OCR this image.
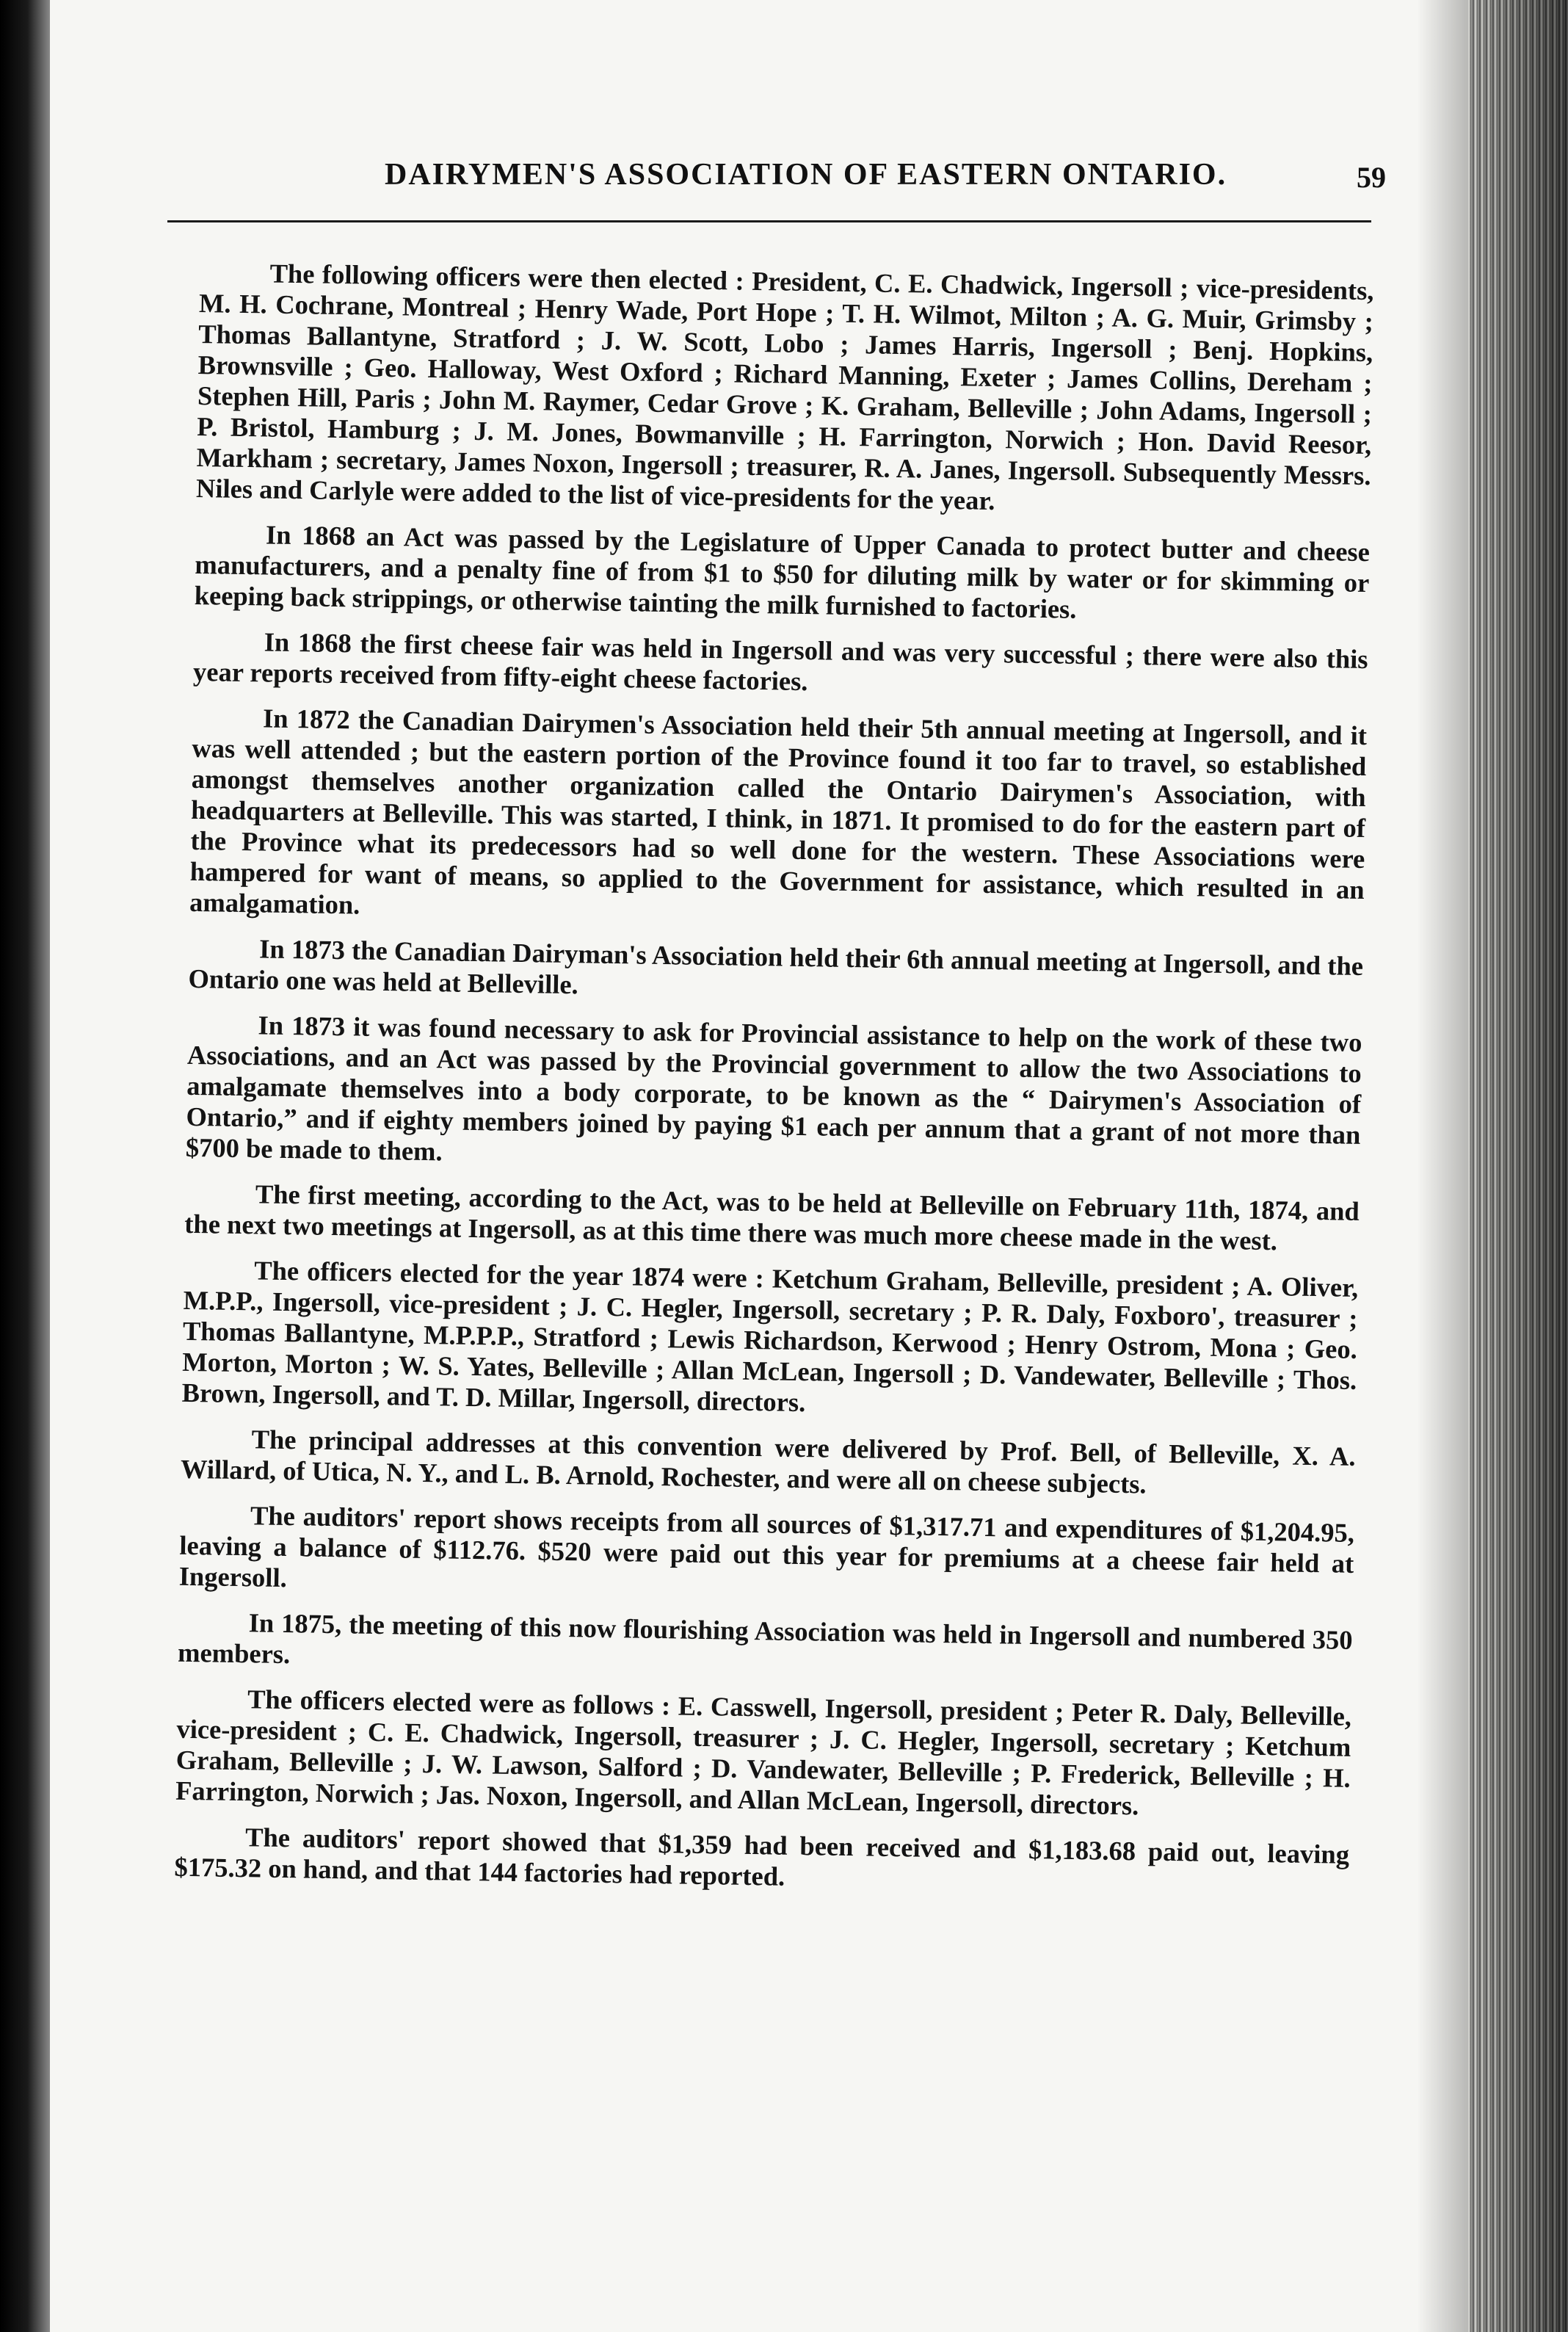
DAIRYMEN'S ASSOCIATION OF EASTERN ONTARIO.	59

The following officers were then elected : President, C. E. Chadwick, Ingersoll ; vice-presidents, M. H. Cochrane, Montreal ; Henry Wade, Port Hope ; T. H. Wilmot, Milton ; A. G. Muir, Grimsby ; Thomas Ballantyne, Stratford ; J. W. Scott, Lobo ; James Harris, Ingersoll ; Benj. Hopkins, Brownsville ; Geo. Halloway, West Oxford ; Richard Manning, Exeter ; James Collins, Dereham ; Stephen Hill, Paris ; John M. Raymer, Cedar Grove ; K. Graham, Belleville ; John Adams, Ingersoll ; P. Bristol, Hamburg ; J. M. Jones, Bowmanville ; H. Farrington, Norwich ; Hon. David Reesor, Markham ; secretary, James Noxon, Ingersoll ; treasurer, R. A. Janes, Ingersoll. Subsequently Messrs. Niles and Carlyle were added to the list of vice-presidents for the year.

In 1868 an Act was passed by the Legislature of Upper Canada to protect butter and cheese manufacturers, and a penalty fine of from $1 to $50 for diluting milk by water or for skimming or keeping back strippings, or otherwise tainting the milk furnished to factories.

In 1868 the first cheese fair was held in Ingersoll and was very successful ; there were also this year reports received from fifty-eight cheese factories.

In 1872 the Canadian Dairymen's Association held their 5th annual meeting at Ingersoll, and it was well attended ; but the eastern portion of the Province found it too far to travel, so established amongst themselves another organization called the Ontario Dairymen's Association, with headquarters at Belleville. This was started, I think, in 1871. It promised to do for the eastern part of the Province what its predecessors had so well done for the western. These Associations were hampered for want of means, so applied to the Government for assistance, which resulted in an amalgamation.

In 1873 the Canadian Dairyman's Association held their 6th annual meeting at Ingersoll, and the Ontario one was held at Belleville.

In 1873 it was found necessary to ask for Provincial assistance to help on the work of these two Associations, and an Act was passed by the Provincial government to allow the two Associations to amalgamate themselves into a body corporate, to be known as the “ Dairymen's Association of Ontario,” and if eighty members joined by paying $1 each per annum that a grant of not more than $700 be made to them.

The first meeting, according to the Act, was to be held at Belleville on February 11th, 1874, and the next two meetings at Ingersoll, as at this time there was much more cheese made in the west.

The officers elected for the year 1874 were : Ketchum Graham, Belleville, president ; A. Oliver, M.P.P., Ingersoll, vice-president ; J. C. Hegler, Ingersoll, secretary ; P. R. Daly, Foxboro', treasurer ; Thomas Ballantyne, M.P.P.P., Stratford ; Lewis Richardson, Kerwood ; Henry Ostrom, Mona ; Geo. Morton, Morton ; W. S. Yates, Belleville ; Allan McLean, Ingersoll ; D. Vandewater, Belleville ; Thos. Brown, Ingersoll, and T. D. Millar, Ingersoll, directors.

The principal addresses at this convention were delivered by Prof. Bell, of Belleville, X. A. Willard, of Utica, N. Y., and L. B. Arnold, Rochester, and were all on cheese subjects.

The auditors' report shows receipts from all sources of $1,317.71 and expenditures of $1,204.95, leaving a balance of $112.76. $520 were paid out this year for premiums at a cheese fair held at Ingersoll.

In 1875, the meeting of this now flourishing Association was held in Ingersoll and numbered 350 members.

The officers elected were as follows : E. Casswell, Ingersoll, president ; Peter R. Daly, Belleville, vice-president ; C. E. Chadwick, Ingersoll, treasurer ; J. C. Hegler, Ingersoll, secretary ; Ketchum Graham, Belleville ; J. W. Lawson, Salford ; D. Vandewater, Belleville ; P. Frederick, Belleville ; H. Farrington, Norwich ; Jas. Noxon, Ingersoll, and Allan McLean, Ingersoll, directors.

The auditors' report showed that $1,359 had been received and $1,183.68 paid out, leaving $175.32 on hand, and that 144 factories had reported.
